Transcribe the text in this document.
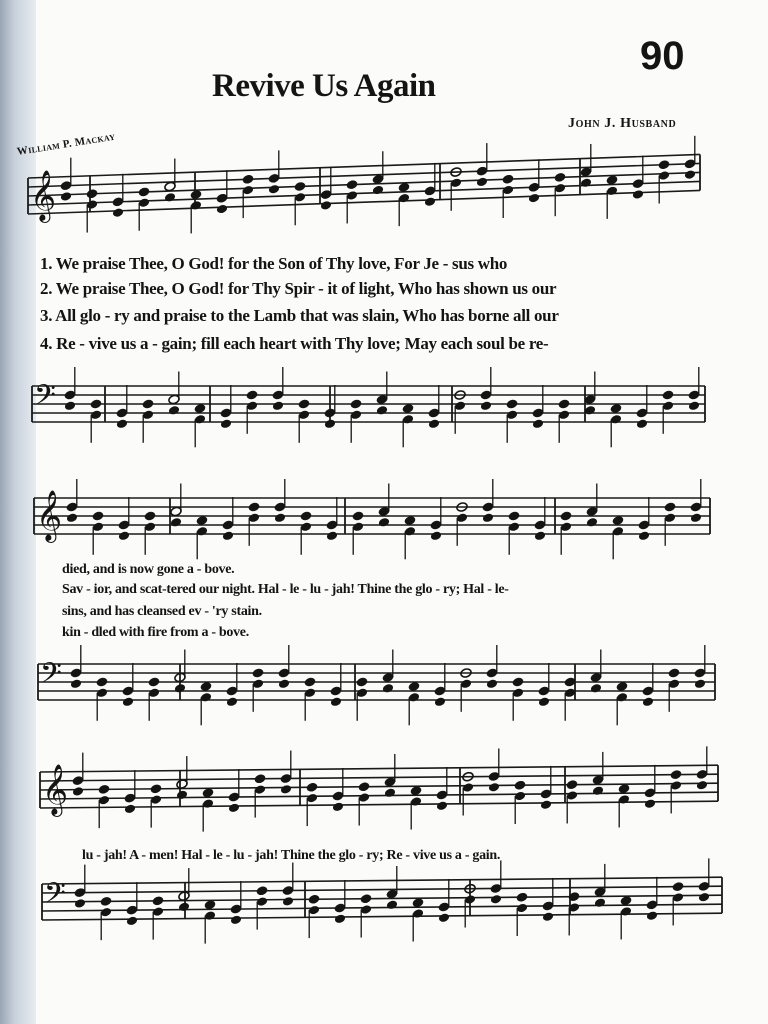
90
Revive Us Again
John J. Husband
William P. Mackay
𝄞
𝄢
𝄞
𝄢
𝄞
𝄢
1. We praise Thee, O God! for the Son of Thy love, For Je - sus who
2. We praise Thee, O God! for Thy Spir - it of light, Who has shown us our
3. All glo - ry and praise to the Lamb that was slain, Who has borne all our
4. Re - vive us a - gain; fill each heart with Thy love; May each soul be re-
died, and is now gone a - bove.
Sav - ior, and scat-tered our night. Hal - le - lu - jah! Thine the glo - ry; Hal - le-
sins, and has cleansed ev - 'ry stain.
kin - dled with fire from a - bove.
lu - jah! A - men! Hal - le - lu - jah! Thine the glo - ry; Re - vive us a - gain.
